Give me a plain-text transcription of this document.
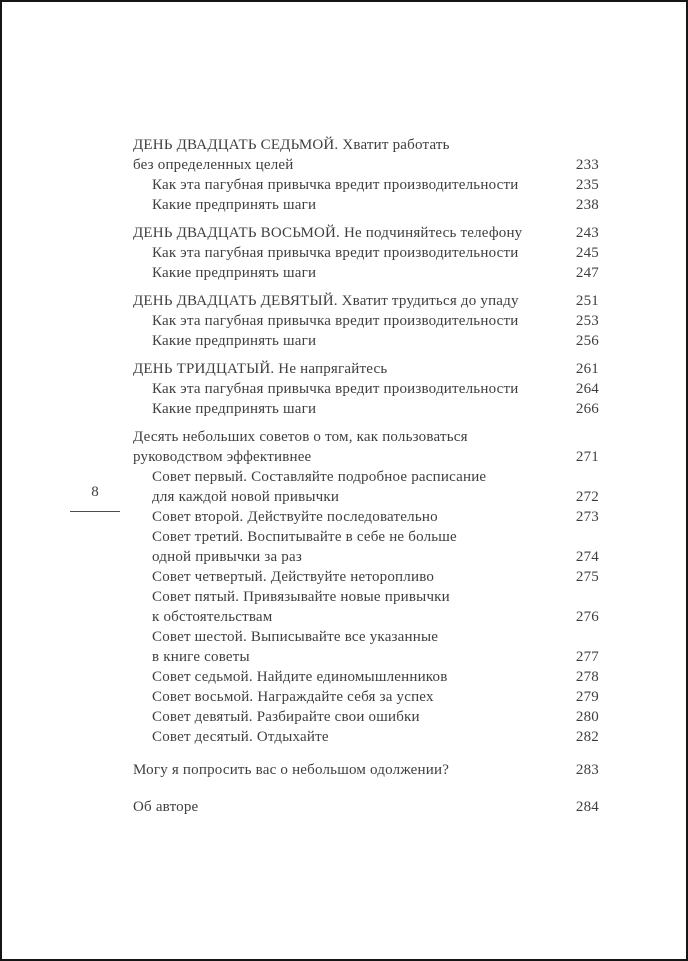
8
ДЕНЬ ДВАДЦАТЬ СЕДЬМОЙ. Хватит работать
без определенных целей	233
Как эта пагубная привычка вредит производительности	235
Какие предпринять шаги	238
ДЕНЬ ДВАДЦАТЬ ВОСЬМОЙ. Не подчиняйтесь телефону	243
Как эта пагубная привычка вредит производительности	245
Какие предпринять шаги	247
ДЕНЬ ДВАДЦАТЬ ДЕВЯТЫЙ. Хватит трудиться до упаду	251
Как эта пагубная привычка вредит производительности	253
Какие предпринять шаги	256
ДЕНЬ ТРИДЦАТЫЙ. Не напрягайтесь	261
Как эта пагубная привычка вредит производительности	264
Какие предпринять шаги	266
Десять небольших советов о том, как пользоваться
руководством эффективнее	271
Совет первый. Составляйте подробное расписание
для каждой новой привычки	272
Совет второй. Действуйте последовательно	273
Совет третий. Воспитывайте в себе не больше
одной привычки за раз	274
Совет четвертый. Действуйте неторопливо	275
Совет пятый. Привязывайте новые привычки
к обстоятельствам	276
Совет шестой. Выписывайте все указанные
в книге советы	277
Совет седьмой. Найдите единомышленников	278
Совет восьмой. Награждайте себя за успех	279
Совет девятый. Разбирайте свои ошибки	280
Совет десятый. Отдыхайте	282
Могу я попросить вас о небольшом одолжении?	283
Об авторе	284
